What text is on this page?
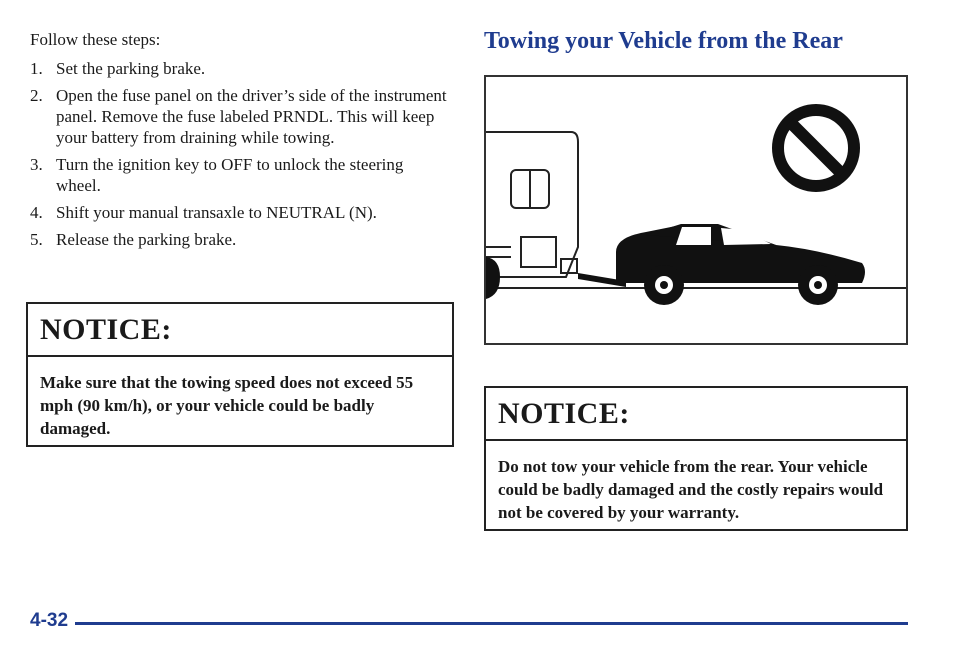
Follow these steps:

1. Set the parking brake.
2. Open the fuse panel on the driver’s side of the instrument panel. Remove the fuse labeled PRNDL. This will keep your battery from draining while towing.
3. Turn the ignition key to OFF to unlock the steering wheel.
4. Shift your manual transaxle to NEUTRAL (N).
5. Release the parking brake.
NOTICE:
Make sure that the towing speed does not exceed 55 mph (90 km/h), or your vehicle could be badly damaged.
Towing your Vehicle from the Rear
NOTICE:
Do not tow your vehicle from the rear. Your vehicle could be badly damaged and the costly repairs would not be covered by your warranty.
4-32
